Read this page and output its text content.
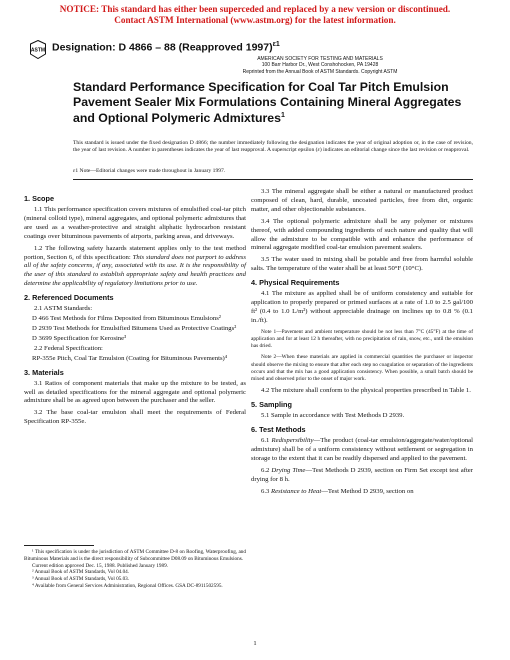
NOTICE: This standard has either been superceded and replaced by a new version or discontinued.
Contact ASTM International (www.astm.org) for the latest information.
ASTM Designation: D 4866 – 88 (Reapproved 1997)$^{\varepsilon 1}$
AMERICAN SOCIETY FOR TESTING AND MATERIALS
100 Barr Harbor Dr., West Conshohocken, PA 19428
Reprinted from the Annual Book of ASTM Standards. Copyright ASTM
Standard Performance Specification for Coal Tar Pitch Emulsion Pavement Sealer Mix Formulations Containing Mineral Aggregates and Optional Polymeric Admixtures$^1$
This standard is issued under the fixed designation D 4866; the number immediately following the designation indicates the year of original adoption or, in the case of revision, the year of last revision. A number in parentheses indicates the year of last reapproval. A superscript epsilon (ε) indicates an editorial change since the last revision or reapproval.
ε1 Note—Editorial changes were made throughout in January 1997.
1. Scope

1.1 This performance specification covers mixtures of emulsified coal-tar pitch (mineral colloid type), mineral aggregates, and optional polymeric admixtures that are used as a weather-protective and straight aliphatic hydrocarbon resistant coatings over bituminous pavements of airports, parking areas, and driveways.

1.2 The following safety hazards statement applies only to the test method portion, Section 6, of this specification: This standard does not purport to address all of the safety concerns, if any, associated with its use. It is the responsibility of the user of this standard to establish appropriate safety and health practices and determine the applicability of regulatory limitations prior to use.

2. Referenced Documents

2.1 ASTM Standards:

D 466 Test Methods for Films Deposited from Bituminous Emulsions²

D 2939 Test Methods for Emulsified Bitumens Used as Protective Coatings²

D 3699 Specification for Kerosine³

2.2 Federal Specification:

RP-355e Pitch, Coal Tar Emulsion (Coating for Bituminous Pavements)⁴

3. Materials

3.1 Ratios of component materials that make up the mixture to be tested, as well as detailed specifications for the mineral aggregate and optional polymeric admixture shall be as agreed upon between the purchaser and the seller.

3.2 The base coal-tar emulsion shall meet the requirements of Federal Specification RP-355e.

¹ This specification is under the jurisdiction of ASTM Committee D-8 on Roofing, Waterproofing, and Bituminous Materials and is the direct responsibility of Subcommittee D08.09 on Bituminous Emulsions.

Current edition approved Dec. 15, 1988. Published January 1989.

² Annual Book of ASTM Standards, Vol 04.04.

³ Annual Book of ASTM Standards, Vol 05.03.

⁴ Available from General Services Administration, Regional Offices. GSA DC-8911502595.

3.3 The mineral aggregate shall be either a natural or manufactured product composed of clean, hard, durable, uncoated particles, free from dirt, organic matter, and other objectionable substances.

3.4 The optional polymeric admixture shall be any polymer or mixtures thereof, with added compounding ingredients of such nature and quality that will allow the admixture to be compatible with and enhance the performance of mineral aggregate modified coal-tar emulsion pavement sealers.

3.5 The water used in mixing shall be potable and free from harmful soluble salts. The temperature of the water shall be at least 50°F (10°C).

4. Physical Requirements

4.1 The mixture as applied shall be of uniform consistency and suitable for application to properly prepared or primed surfaces at a rate of 1.0 to 2.5 gal/100 ft² (0.4 to 1.0 L/m²) without appreciable drainage on inclines up to 0.8 % (0.1 in./ft).

Note 1—Pavement and ambient temperature should be not less than 7°C (45°F) at the time of application and for at least 12 h thereafter, with no precipitation of rain, snow, etc., until the emulsion has dried.

Note 2—When these materials are applied in commercial quantities the purchaser or inspector should observe the mixing to ensure that after each step no coagulation or separation of the ingredients occurs and that the mix has a good application consistency. When possible, a small batch should be mixed and observed prior to the onset of major work.

4.2 The mixture shall conform to the physical properties prescribed in Table 1.

5. Sampling

5.1 Sample in accordance with Test Methods D 2939.

6. Test Methods

6.1 Redispersibility—The product (coal-tar emulsion/aggregate/water/optional admixture) shall be of a uniform consistency without settlement or segregation in storage to the extent that it can be readily dispersed and applied to the pavement.

6.2 Drying Time—Test Methods D 2939, section on Firm Set except test after drying for 8 h.

6.3 Resistance to Heat—Test Method D 2939, section on

1
